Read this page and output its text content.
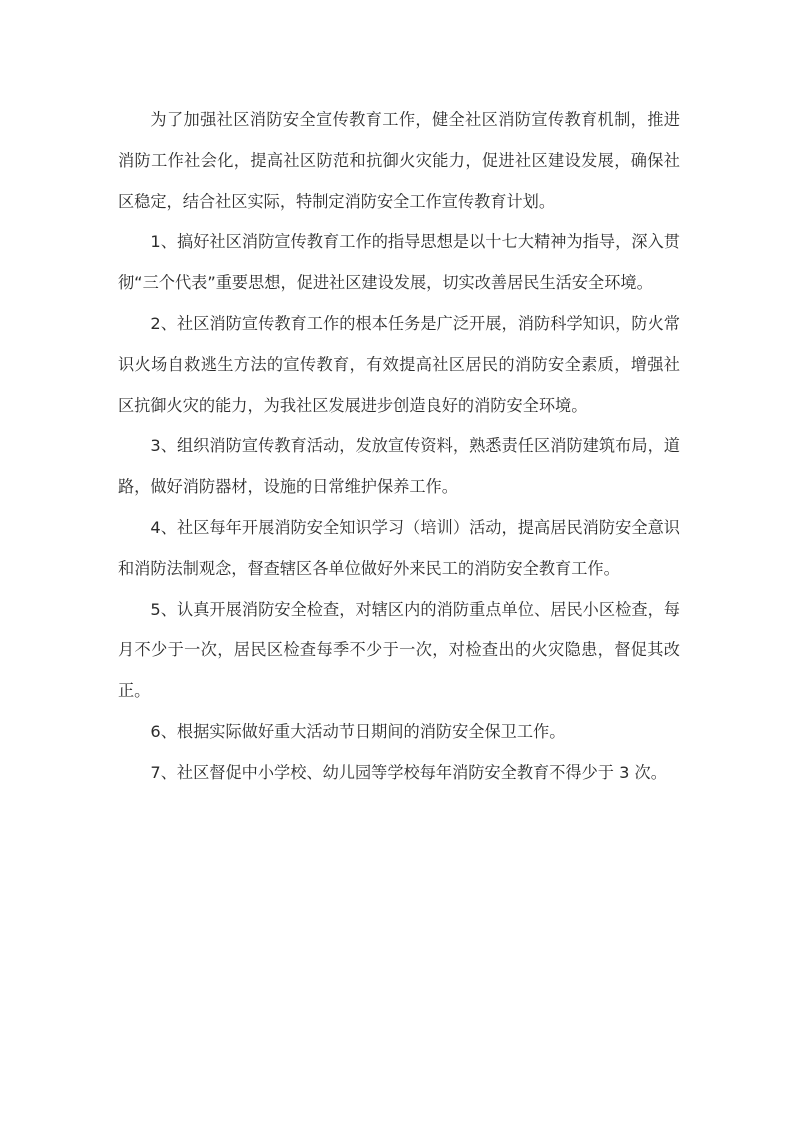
为了加强社区消防安全宣传教育工作，健全社区消防宣传教育机制，推进消防工作社会化，提高社区防范和抗御火灾能力，促进社区建设发展，确保社区稳定，结合社区实际，特制定消防安全工作宣传教育计划。

1、搞好社区消防宣传教育工作的指导思想是以十七大精神为指导，深入贯彻“三个代表”重要思想，促进社区建设发展，切实改善居民生活安全环境。

2、社区消防宣传教育工作的根本任务是广泛开展，消防科学知识，防火常识火场自救逃生方法的宣传教育，有效提高社区居民的消防安全素质，增强社区抗御火灾的能力，为我社区发展进步创造良好的消防安全环境。

3、组织消防宣传教育活动，发放宣传资料，熟悉责任区消防建筑布局，道路，做好消防器材，设施的日常维护保养工作。

4、社区每年开展消防安全知识学习（培训）活动，提高居民消防安全意识和消防法制观念，督查辖区各单位做好外来民工的消防安全教育工作。

5、认真开展消防安全检查，对辖区内的消防重点单位、居民小区检查，每月不少于一次，居民区检查每季不少于一次，对检查出的火灾隐患，督促其改正。

6、根据实际做好重大活动节日期间的消防安全保卫工作。

7、社区督促中小学校、幼儿园等学校每年消防安全教育不得少于 3 次。
